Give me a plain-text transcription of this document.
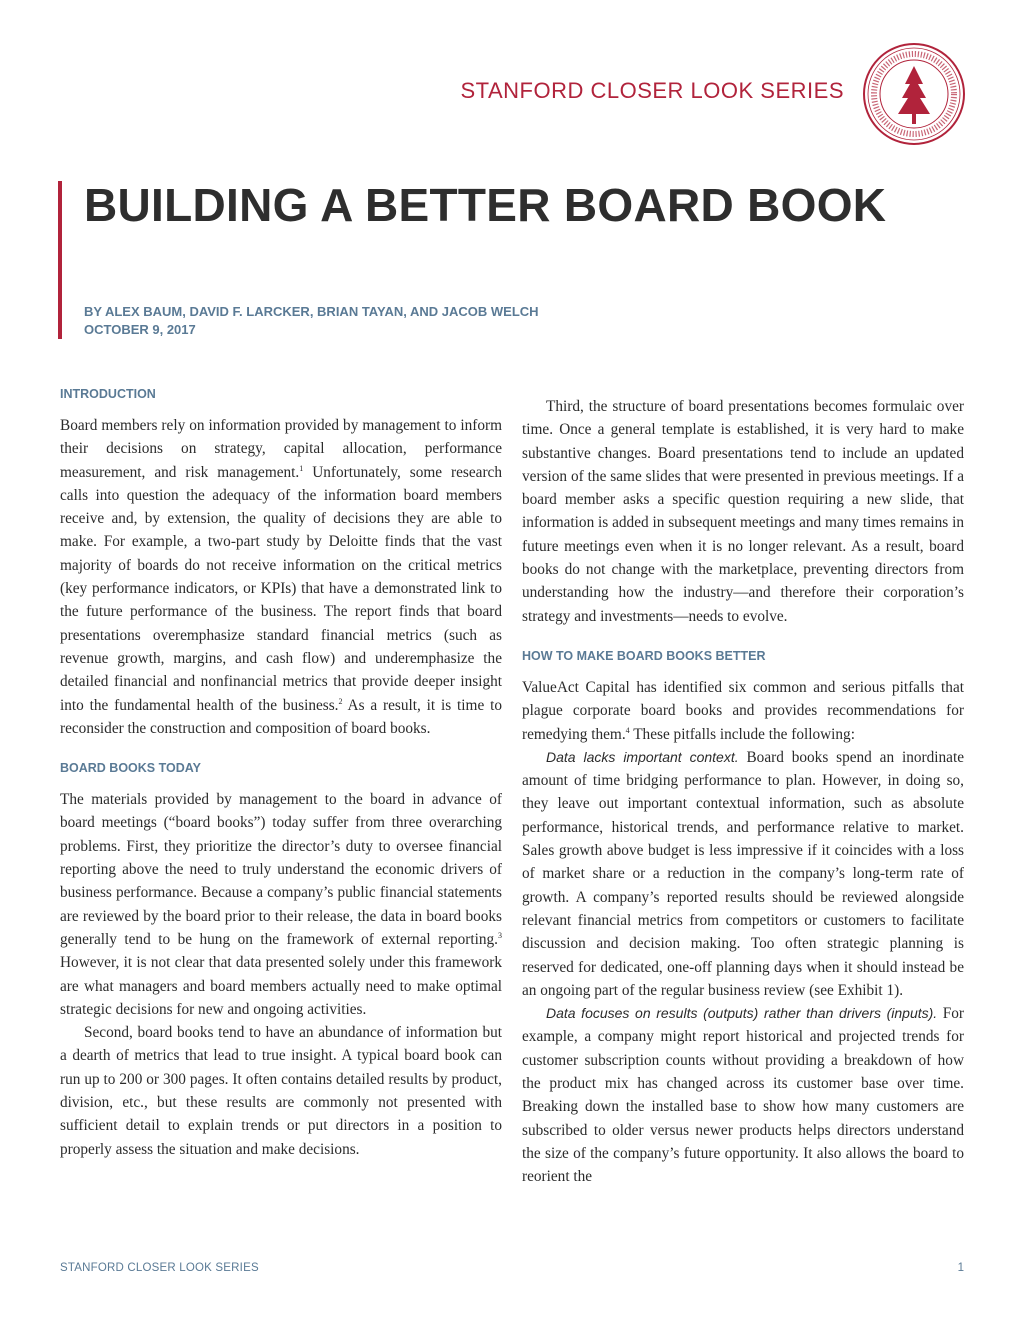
STANFORD CLOSER LOOK SERIES
BUILDING A BETTER BOARD BOOK
BY ALEX BAUM, DAVID F. LARCKER, BRIAN TAYAN, AND JACOB WELCH
OCTOBER 9, 2017
INTRODUCTION

Board members rely on information provided by management to inform their decisions on strategy, capital allocation, performance measurement, and risk management.$^1$ Unfortunately, some research calls into question the adequacy of the information board members receive and, by extension, the quality of decisions they are able to make. For example, a two-part study by Deloitte finds that the vast majority of boards do not receive information on the critical metrics (key performance indicators, or KPIs) that have a demonstrated link to the future performance of the business. The report finds that board presentations overemphasize standard financial metrics (such as revenue growth, margins, and cash flow) and underemphasize the detailed financial and nonfinancial metrics that provide deeper insight into the fundamental health of the business.$^2$ As a result, it is time to reconsider the construction and composition of board books.

BOARD BOOKS TODAY

The materials provided by management to the board in advance of board meetings (“board books”) today suffer from three overarching problems. First, they prioritize the director’s duty to oversee financial reporting above the need to truly understand the economic drivers of business performance. Because a company’s public financial statements are reviewed by the board prior to their release, the data in board books generally tend to be hung on the framework of external reporting.$^3$ However, it is not clear that data presented solely under this framework are what managers and board members actually need to make optimal strategic decisions for new and ongoing activities.

Second, board books tend to have an abundance of information but a dearth of metrics that lead to true insight. A typical board book can run up to 200 or 300 pages. It often contains detailed results by product, division, etc., but these results are commonly not presented with sufficient detail to explain trends or put directors in a position to properly assess the situation and make decisions.

Third, the structure of board presentations becomes formulaic over time. Once a general template is established, it is very hard to make substantive changes. Board presentations tend to include an updated version of the same slides that were presented in previous meetings. If a board member asks a specific question requiring a new slide, that information is added in subsequent meetings and many times remains in future meetings even when it is no longer relevant. As a result, board books do not change with the marketplace, preventing directors from understanding how the industry—and therefore their corporation’s strategy and investments—needs to evolve.

HOW TO MAKE BOARD BOOKS BETTER

ValueAct Capital has identified six common and serious pitfalls that plague corporate board books and provides recommendations for remedying them.$^4$ These pitfalls include the following:

Data lacks important context. Board books spend an inordinate amount of time bridging performance to plan. However, in doing so, they leave out important contextual information, such as absolute performance, historical trends, and performance relative to market. Sales growth above budget is less impressive if it coincides with a loss of market share or a reduction in the company’s long-term rate of growth. A company’s reported results should be reviewed alongside relevant financial metrics from competitors or customers to facilitate discussion and decision making. Too often strategic planning is reserved for dedicated, one-off planning days when it should instead be an ongoing part of the regular business review (see Exhibit 1).

Data focuses on results (outputs) rather than drivers (inputs). For example, a company might report historical and projected trends for customer subscription counts without providing a breakdown of how the product mix has changed across its customer base over time. Breaking down the installed base to show how many customers are subscribed to older versus newer products helps directors understand the size of the company’s future opportunity. It also allows the board to reorient the

STANFORD CLOSER LOOK SERIES	1
